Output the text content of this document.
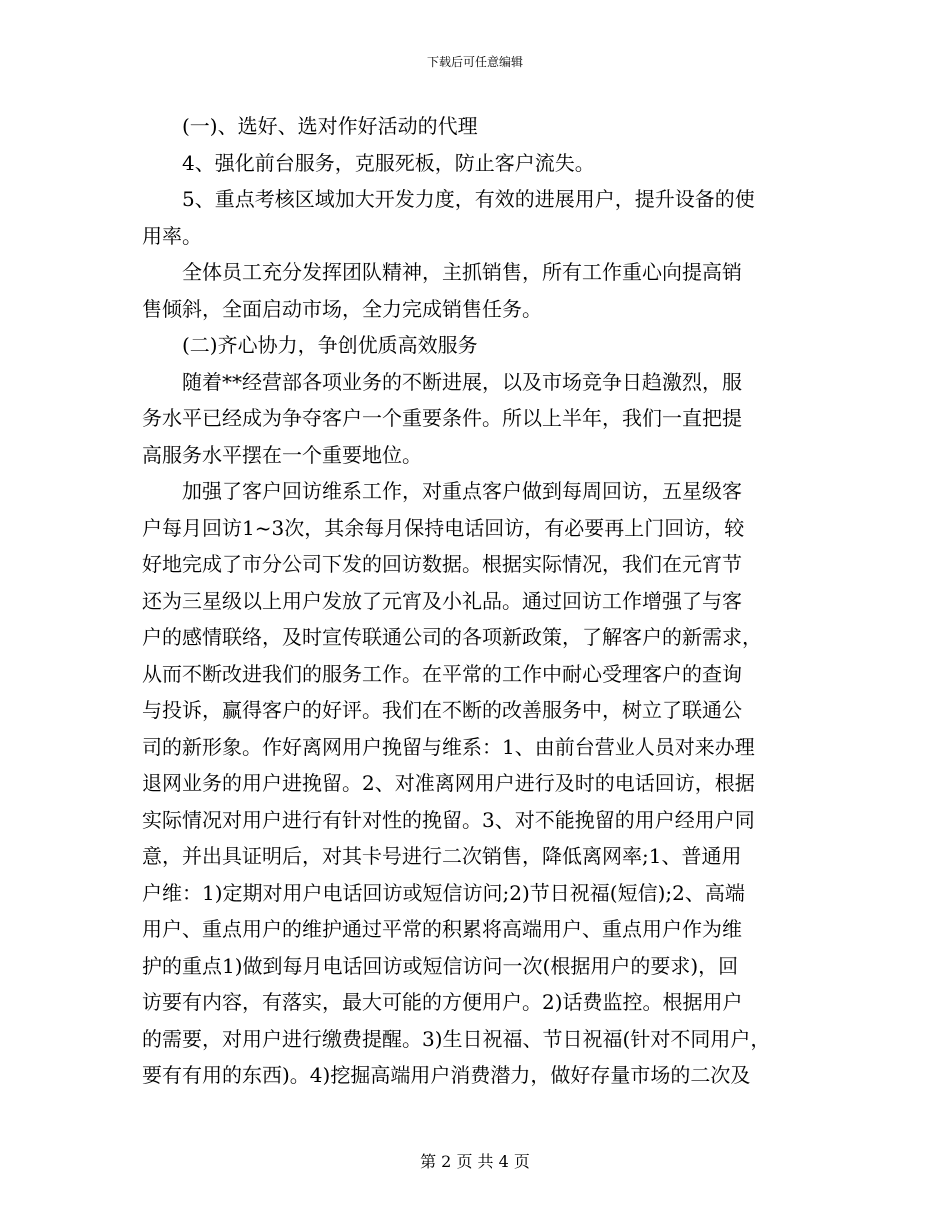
下载后可任意编辑
　　(一)、选好、选对作好活动的代理
　　4、强化前台服务，克服死板，防止客户流失。
　　5、重点考核区域加大开发力度，有效的进展用户，提升设备的使
用率。
　　全体员工充分发挥团队精神，主抓销售，所有工作重心向提高销
售倾斜，全面启动市场，全力完成销售任务。
　　(二)齐心协力，争创优质高效服务
　　随着**经营部各项业务的不断进展，以及市场竞争日趋激烈，服
务水平已经成为争夺客户一个重要条件。所以上半年，我们一直把提
高服务水平摆在一个重要地位。
　　加强了客户回访维系工作，对重点客户做到每周回访，五星级客
户每月回访1~3次，其余每月保持电话回访，有必要再上门回访，较
好地完成了市分公司下发的回访数据。根据实际情况，我们在元宵节
还为三星级以上用户发放了元宵及小礼品。通过回访工作增强了与客
户的感情联络，及时宣传联通公司的各项新政策，了解客户的新需求，
从而不断改进我们的服务工作。在平常的工作中耐心受理客户的查询
与投诉，赢得客户的好评。我们在不断的改善服务中，树立了联通公
司的新形象。作好离网用户挽留与维系：1、由前台营业人员对来办理
退网业务的用户进挽留。2、对准离网用户进行及时的电话回访，根据
实际情况对用户进行有针对性的挽留。3、对不能挽留的用户经用户同
意，并出具证明后，对其卡号进行二次销售，降低离网率;1、普通用
户维：1)定期对用户电话回访或短信访问;2)节日祝福(短信);2、高端
用户、重点用户的维护通过平常的积累将高端用户、重点用户作为维
护的重点1)做到每月电话回访或短信访问一次(根据用户的要求)，回
访要有内容，有落实，最大可能的方便用户。2)话费监控。根据用户
的需要，对用户进行缴费提醒。3)生日祝福、节日祝福(针对不同用户，
要有有用的东西)。4)挖掘高端用户消费潜力，做好存量市场的二次及
第 2 页 共 4 页
